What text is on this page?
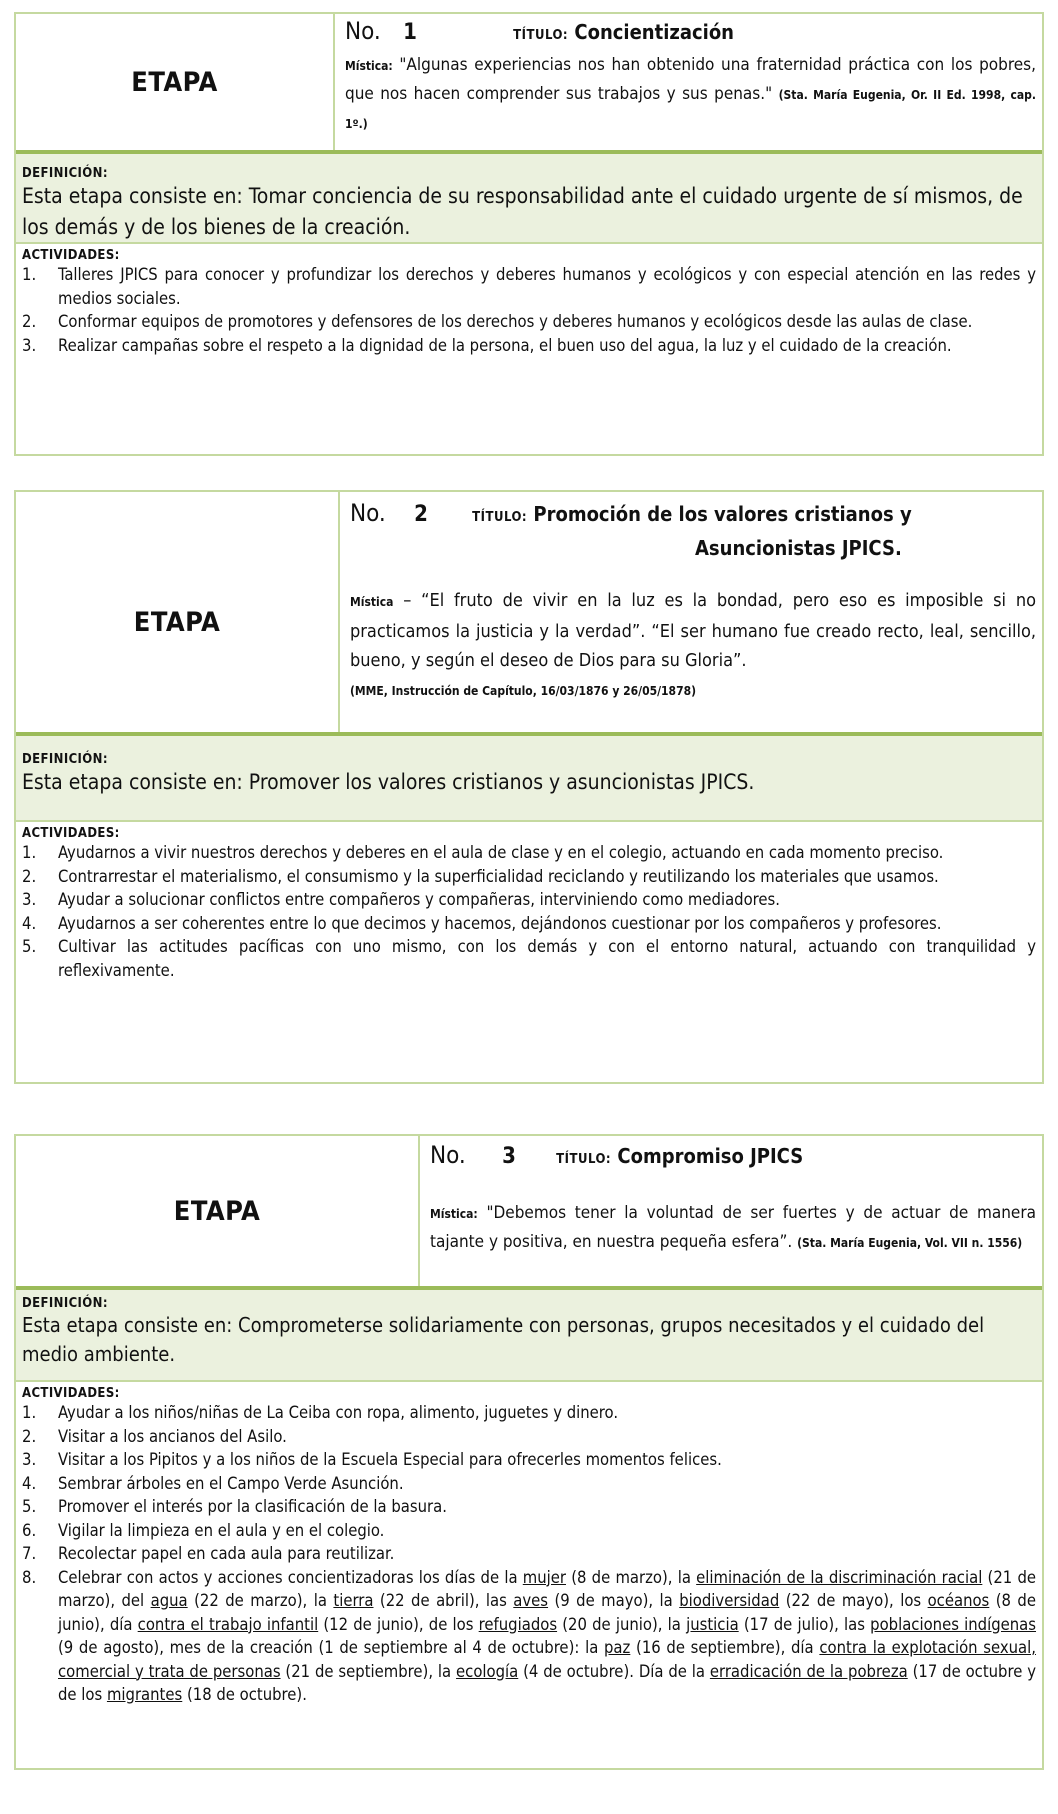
ETAPA
No. 1	TÍTULO: Concientización
Mística: "Algunas experiencias nos han obtenido una fraternidad práctica con los pobres, que nos hacen comprender sus trabajos y sus penas." (Sta. María Eugenia, Or. II Ed. 1998, cap. 1º.)
DEFINICIÓN:
Esta etapa consiste en: Tomar conciencia de su responsabilidad ante el cuidado urgente de sí mismos, de los demás y de los bienes de la creación.
ACTIVIDADES:
1. Talleres JPICS para conocer y profundizar los derechos y deberes humanos y ecológicos y con especial atención en las redes y medios sociales.
2. Conformar equipos de promotores y defensores de los derechos y deberes humanos y ecológicos desde las aulas de clase.
3. Realizar campañas sobre el respeto a la dignidad de la persona, el buen uso del agua, la luz y el cuidado de la creación.
ETAPA
No. 2	TÍTULO: Promoción de los valores cristianos y
Asuncionistas JPICS.
Mística – “El fruto de vivir en la luz es la bondad, pero eso es imposible si no practicamos la justicia y la verdad”. “El ser humano fue creado recto, leal, sencillo, bueno, y según el deseo de Dios para su Gloria”.
(MME, Instrucción de Capítulo, 16/03/1876 y 26/05/1878)
DEFINICIÓN:
Esta etapa consiste en: Promover los valores cristianos y asuncionistas JPICS.
ACTIVIDADES:
1. Ayudarnos a vivir nuestros derechos y deberes en el aula de clase y en el colegio, actuando en cada momento preciso.
2. Contrarrestar el materialismo, el consumismo y la superficialidad reciclando y reutilizando los materiales que usamos.
3. Ayudar a solucionar conflictos entre compañeros y compañeras, interviniendo como mediadores.
4. Ayudarnos a ser coherentes entre lo que decimos y hacemos, dejándonos cuestionar por los compañeros y profesores.
5. Cultivar las actitudes pacíficas con uno mismo, con los demás y con el entorno natural, actuando con tranquilidad y reflexivamente.
ETAPA
No. 3	TÍTULO: Compromiso JPICS
Mística: "Debemos tener la voluntad de ser fuertes y de actuar de manera tajante y positiva, en nuestra pequeña esfera”. (Sta. María Eugenia, Vol. VII n. 1556)
DEFINICIÓN:
Esta etapa consiste en: Comprometerse solidariamente con personas, grupos necesitados y el cuidado del medio ambiente.
ACTIVIDADES:
1. Ayudar a los niños/niñas de La Ceiba con ropa, alimento, juguetes y dinero.
2. Visitar a los ancianos del Asilo.
3. Visitar a los Pipitos y a los niños de la Escuela Especial para ofrecerles momentos felices.
4. Sembrar árboles en el Campo Verde Asunción.
5. Promover el interés por la clasificación de la basura.
6. Vigilar la limpieza en el aula y en el colegio.
7. Recolectar papel en cada aula para reutilizar.
8. Celebrar con actos y acciones concientizadoras los días de la mujer (8 de marzo), la eliminación de la discriminación racial (21 de marzo), del agua (22 de marzo), la tierra (22 de abril), las aves (9 de mayo), la biodiversidad (22 de mayo), los océanos (8 de junio), día contra el trabajo infantil (12 de junio), de los refugiados (20 de junio), la justicia (17 de julio), las poblaciones indígenas (9 de agosto), mes de la creación (1 de septiembre al 4 de octubre): la paz (16 de septiembre), día contra la explotación sexual, comercial y trata de personas (21 de septiembre), la ecología (4 de octubre). Día de la erradicación de la pobreza (17 de octubre y de los migrantes (18 de octubre).
